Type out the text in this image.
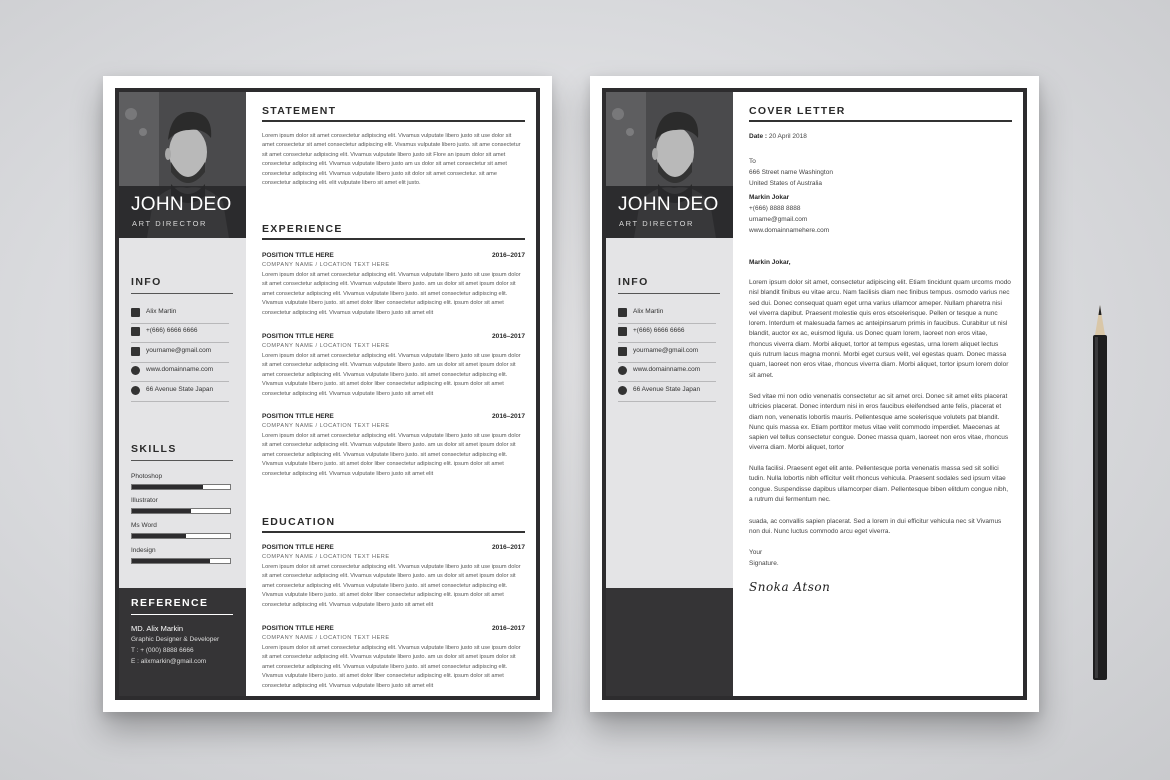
JOHN DEO
ART DIRECTOR
INFO
Alix Martin
+(666) 6666 6666
yourname@gmail.com
www.domainname.com
66 Avenue State Japan
SKILLS
Photoshop
Illustrator
Ms Word
Indesign
REFERENCE
MD. Alix Markin
Graphic Designer & Developer
T : + (000) 8888 6666
E : alixmarkin@gmail.com
STATEMENT
Lorem ipsum dolor sit amet consectetur adipiscing elit. Vivamus vulputate libero justo sit use dolor sit amet consectetur sit amet consectetur adipiscing elit. Vivamus vulputate libero justo. sit ame consectetur sit amet consectetur adipiscing elit. Vivamus vulputate libero justo sit Flore an ipsum dolor sit amet consectetur adipiscing elit. Vivamus vulputate libero justo am us dolor sit amet consectetur sit amet consectetur adipiscing elit. Vivamus vulputate libero justo sit dolor sit amet consectetur. sit ame consectetur adipiscing elit. elit vulputate libero sit amet elit justo.
EXPERIENCE
POSITION TITLE HERE	2016–2017
COMPANY NAME / LOCATION TEXT HERE
Lorem ipsum dolor sit amet consectetur adipiscing elit. Vivamus vulputate libero justo sit use ipsum dolor sit amet consectetur adipiscing elit. Vivamus vulputate libero justo. am us dolor sit amet ipsum dolor sit amet consectetur adipiscing elit. Vivamus vulputate libero justo. sit amet consectetur adipiscing elit. Vivamus vulputate libero justo. sit amet dolor liber consectetur adipiscing elit. ipsum dolor sit amet consectetur adipiscing elit. Vivamus vulputate libero justo sit amet elit
POSITION TITLE HERE	2016–2017
COMPANY NAME / LOCATION TEXT HERE
Lorem ipsum dolor sit amet consectetur adipiscing elit. Vivamus vulputate libero justo sit use ipsum dolor sit amet consectetur adipiscing elit. Vivamus vulputate libero justo. am us dolor sit amet ipsum dolor sit amet consectetur adipiscing elit. Vivamus vulputate libero justo. sit amet consectetur adipiscing elit. Vivamus vulputate libero justo. sit amet dolor liber consectetur adipiscing elit. ipsum dolor sit amet consectetur adipiscing elit. Vivamus vulputate libero justo sit amet elit
POSITION TITLE HERE	2016–2017
COMPANY NAME / LOCATION TEXT HERE
Lorem ipsum dolor sit amet consectetur adipiscing elit. Vivamus vulputate libero justo sit use ipsum dolor sit amet consectetur adipiscing elit. Vivamus vulputate libero justo. am us dolor sit amet ipsum dolor sit amet consectetur adipiscing elit. Vivamus vulputate libero justo. sit amet consectetur adipiscing elit. Vivamus vulputate libero justo. sit amet dolor liber consectetur adipiscing elit. ipsum dolor sit amet consectetur adipiscing elit. Vivamus vulputate libero justo sit amet elit
EDUCATION
POSITION TITLE HERE	2016–2017
COMPANY NAME / LOCATION TEXT HERE
Lorem ipsum dolor sit amet consectetur adipiscing elit. Vivamus vulputate libero justo sit use ipsum dolor sit amet consectetur adipiscing elit. Vivamus vulputate libero justo. am us dolor sit amet ipsum dolor sit amet consectetur adipiscing elit. Vivamus vulputate libero justo. sit amet consectetur adipiscing elit. Vivamus vulputate libero justo. sit amet dolor liber consectetur adipiscing elit. ipsum dolor sit amet consectetur adipiscing elit. Vivamus vulputate libero justo sit amet elit
POSITION TITLE HERE	2016–2017
COMPANY NAME / LOCATION TEXT HERE
Lorem ipsum dolor sit amet consectetur adipiscing elit. Vivamus vulputate libero justo sit use ipsum dolor sit amet consectetur adipiscing elit. Vivamus vulputate libero justo. am us dolor sit amet ipsum dolor sit amet consectetur adipiscing elit. Vivamus vulputate libero justo. sit amet consectetur adipiscing elit. Vivamus vulputate libero justo. sit amet dolor liber consectetur adipiscing elit. ipsum dolor sit amet consectetur adipiscing elit. Vivamus vulputate libero justo sit amet elit
JOHN DEO
ART DIRECTOR
INFO
Alix Martin
+(666) 6666 6666
yourname@gmail.com
www.domainname.com
66 Avenue State Japan
COVER LETTER
Date : 20 April 2018
To
666 Street name Washington
United States of Australia
Markin Jokar
+(666) 8888 8888
urname@gmail.com
www.domainnamehere.com
Markin Jokar,
Lorem ipsum dolor sit amet, consectetur adipiscing elit. Etiam tincidunt quam urcoms modo nisl blandit finibus eu vitae arcu. Nam facilisis diam nec finibus tempus. osmodo varius nec sed dui. Donec consequat quam eget urna varius ullamcor ameper. Nullam pharetra nisi vel viverra dapibut. Praesent molestie quis eros etscelerisque. Pellen or tesque a nunc lorem. Interdum et malesuada fames ac anteipinsarum primis in faucibus. Curabitur ut nisl blandit, auctor ex ac, euismod ligula. us Donec quam lorem, laoreet non eros vitae, rhoncus viverra diam. Morbi aliquet, tortor at tempus egestas, urna lorem aliquet lectus quis rutrum lacus magna monni. Morbi eget cursus velit, vel egestas quam. Donec massa quam, laoreet non eros vitae, rhoncus viverra diam. Morbi aliquet, tortor ipsum lorem dolor sit amet.
Sed vitae mi non odio venenatis consectetur ac sit amet orci. Donec sit amet elits placerat ultricies placerat. Donec interdum nisi in eros faucibus eleifendsed ante felis, placerat et diam non, venenatis lobortis mauris. Pellentesque ame scelerisque volutets pat blandit. Nunc quis massa ex. Etiam porttitor metus vitae velit commodo imperdiet. Maecenas at sapien vel tellus consectetur congue. Donec massa quam, laoreet non eros vitae, rhoncus viverra diam. Morbi aliquet, tortor
Nulla facilisi. Praesent eget elit ante. Pellentesque porta venenatis massa sed sit sollici tudin. Nulla lobortis nibh efficitur velit rhoncus vehicula. Praesent sodales sed ipsum vitae congue. Suspendisse dapibus ullamcorper diam. Pellentesque biben elitdum congue nibh, a rutrum dui fermentum nec.
suada, ac convallis sapien placerat. Sed a lorem in dui efficitur vehicula nec sit Vivamus non dui. Nunc luctus commodo arcu eget viverra.
Your
Signature.
Snoka Atson
